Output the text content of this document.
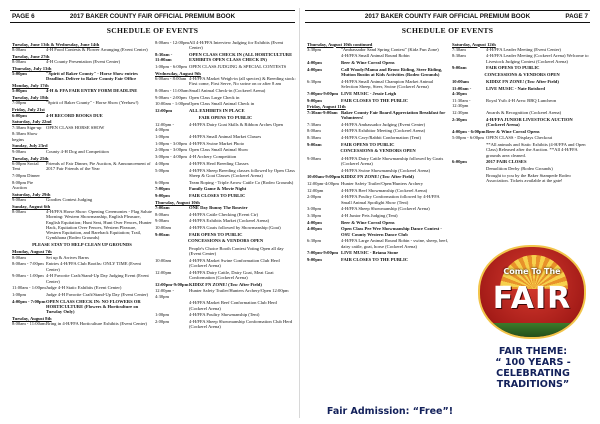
PAGE 6	2017 BAKER COUNTY FAIR OFFICIAL PREMIUM BOOK	2017 BAKER COUNTY FAIR OFFICIAL PREMIUM BOOK	PAGE 7
SCHEDULE OF EVENTS	SCHEDULE OF EVENTS
Tuesday, June 13th & Wednesday, June 14th
8:00am	4-H Food Contests & Flower Arranging (Event Center)
Tuesday, June 27th
8:00am	4-H County Presentation (Event Center)
Thursday, July 13th
5:00pm	"Spirit of Baker County" - Horse Show entries Deadline. Deliver to Baker County Fair Office
Monday, July 17th
5:00pm	4-H & FFA FAIR ENTRY FORM DEADLINE
Tuesday, July 18th
7:00pm	"Spirit of Baker County" - Horse Show (Yeehaw!)
Friday, July 21st
6:00pm	4-H RECORD BOOKS DUE
Saturday, July 22nd
7:30am Sign-up OPEN CLASS HORSE SHOW
8:30am Show begins
Sunday, July 23rd
9:00am	County 4-H Dog and Competition
Tuesday, July 25th
6:00pm Social Tent
Friends of Fair Dinner, Pie Auction, & Announcement of 2017 Fair Friends of the Year
7:00pm Dinner
8:00pm Pie Auction
Saturday, July 29th
9:00am	Goodies Contest Judging
Sunday, August 6th
8:00am	4-H/FFA Horse Show: Opening Ceremonies - Flag Salute Morning: Western Showmanship, English Pleasure, English Equitation; Hunt Seat, Hunt Over Fences, Hunter Hack, Equitation Over Fences, Western Pleasure, Western Equitation, and Bareback Equitation; Trail, Gymkhana (Rodeo Grounds)
PLEASE STAY TO HELP CLEAN UP GROUNDS
Monday, August 7th
8:00am	Set up & Arrives Barns
8:00am - 7:00pm Entries 4-H/FFA Club Booths: ONLY TIME (Event Center)
9:00am - 1:00pm 4-H Favorite Craft/Stand-Up Day Judging Event (Event Center)
11:00am - 1:00pm Judge 4-H Static Exhibits (Event Center)
1:00pm	Judge 4-H Favorite Craft/Stand-Up Day (Event Center)
4:00pm - 7:00pm OPEN CLASS CHECK IN: NO FLOWERS OR HORTICULTURE (Flowers & Horticulture on Tuesday Only)
Tuesday, August 8th
8:00am - 11:00am Bring in 4-H/FFA Horticulture Exhibits (Event Center)
8:00am - 12:00pm All 4-H/FFA Interview Judging for Exhibits (Event Center)
8:30am - 11:00am
OPEN CLASS CHECK IN (ALL HORTICULTURE EXHIBITS OPEN CLASS CHECK IN)
1:00pm - 6:00pm OPEN CLASS JUDGING & SPECIAL CONTESTS
Wednesday, August 9th
6:00am - 8:00am 4-H/FFA Market Weigh-in (all species) & Breeding stock: First come, First Serve, No swine on or after 8 am
8:00am - 11:00am Small Animal Check-in (Cockerel Arena)
9:00am - 2:00pm Open Class Large Check in
10:00am - 1:00pm Open Class Small Animal Check in
12:00pm	ALL EXHIBITS IN PLACE
FAIR OPENS TO PUBLIC
12:00pm - 4:00pm
4-H/FFA Dairy Goat Skills & Ribbon Arches Open
1:00pm	4-H/FFA Small Animal Market Classes
1:00pm - 3:00pm 4-H/FFA Swine Market Photo
2:00pm - 3:00pm Open Class Small Animal Show
3:00pm - 4:00pm 4-H Archery Competition
4:00pm	4-H/FFA Herd Breeding Classes
5:00pm	4-H/FFA Sheep Breeding classes followed by Open Class Sheep & Goat Classes (Cockerel Arena)
6:00pm	Team Roping - Triple Arrow Cattle Co (Rodeo Grounds)
7:00pm	Family Game & Movie Night
9:00pm	FAIR CLOSES TO PUBLIC
Thursday, August 10th
7:00am	ONE Day Bunny The Bouvier
8:00am	4-H/FFA Cattle Checking (Event Ctr)
9:00am	4-H/FFA Exhibits Market (Cockerel Arena)
10:00am	4-H/FFA Goats followed by Showmanship (Goat)
9:00am	FAIR OPENS TO PUBLIC
CONCESSIONS & VENDORS OPEN
People's Choice Booth Contest Voting Open all day (Event Center)
10:00am	4-H/FFA Market Swine Conformation Club Herd (Cockerel Arena)
12:00pm	4-H/FFA Dairy Cattle, Dairy Goat, Meat Goat Conformation (Cockerel Arena)
12:00pm-9:00pm KIDDZ FN ZONE! (Tow After Field)
12:00pm - 4:30pm
Hunter Safety Trailer/Hunters Archery/Open 12:00pm
4-H/FFA Market Beef Conformation Club Herd (Cockerel Arena)
1:00pm	4-H/FFA Poultry Showmanship (Tent)
2:00pm	4-H/FFA Sheep Showmanship Conformation Club Herd (Cockerel Arena)
Thursday, August 10th continued
3:30pm	"Ambassador Sand Spring Contest" (Kidz Fun Zone)
4-H/FFA Small Animal Round Robin
4:00pm	Beer & Wine Corral Opens
4:00pm	Call Woody/Mama and Bronc Riding, Steer Riding, Mutton Bustin at Kids Activities (Rodeo Grounds)
6:30pm	4-H/FFA Small Animal Champion Market Animal Selection Sheep, Steer, Swine (Cockerel Arena)
7:00pm-9:00pm LIVE MUSIC - Jessie Leigh
9:00pm	FAIR CLOSES TO THE PUBLIC
Friday, August 11th
7:30am-9:00am Baker County Fair Board Appreciation Breakfast for Volunteers!
7:30am	4-H/FFA Ambassador Judging (Event Center)
8:00am	4-H/FFA Exhibitor Meeting (Cockerel Arena)
8:30am	4-H/FFA Cavy/Rabbit Conformation (Tent)
9:00am	FAIR OPENS TO PUBLIC
CONCESSIONS & VENDORS OPEN
9:00am	4-H/FFA Dairy Cattle Showmanship followed by Goats (Cockerel Arena)
4-H/FFA Swine Showmanship (Cockerel Arena)
10:00am-9:00pm KIDDZ FN ZONE! (Tow After Field)
12:00pm-4:00pm Hunter Safety Trailer/Open/Hunters Archery
12:00pm	4-H/FFA Beef Showmanship (Cockerel Arena)
2:00pm	4-H/FFA Poultry Conformation followed by 4-H/FFA Small Animal Spotlight Show (Tent)
3:00pm	4-H/FFA Sheep Showmanship (Cockerel Arena)
3:30pm	4-H Junior Pets Judging (Tent)
4:00pm	Beer & Wine Corral Opens
4:00pm	Open Class Pee Wee Showmanship Dance Contest - OSU County Western Dance Club
6:30pm	4-H/FFA Large Animal Round Robin - swine, sheep, beef, dairy cattle, goat, horse (Cockerel Arena)
7:00pm-9:00pm LIVE MUSIC - Briana Stone
9:00pm	FAIR CLOSES TO THE PUBLIC
Saturday, August 12th
7:30am	4-H/FFA Leader Meeting (Event Center)
8:30am	4-H/FFA Leader Meeting (Cockerel Arena) Welcome to Livestock Judging Contest (Cockerel Arena)
9:00am	FAIR OPENS TO PUBLIC
CONCESSIONS & VENDORS OPEN
10:00am	KIDDZ FN ZONE! (Tow After Field)
11:00am - 4:30pm
LIVE MUSIC - Nate Botsford
11:30am - 12:30pm
Royal Ysib 4-H Area: BBQ Luncheon
12:30pm	Awards & Recognition (Cockerel Arena)
2:30pm	4-H/FFA JUNIOR LIVESTOCK AUCTION (Cockerel Arena)
4:00pm - 6:00pm Beer & Wine Corral Opens
5:00pm - 6:00pm OPEN CLASS - Displays Checkout
**All animals and Static Exhibits (4-H/FFA and Open Class) Released after the Auction. **All 4-H/FFA grounds area cleaned.
6:00pm	2017 FAIR CLOSES
Demolition Derby (Rodeo Grounds)
Brought to you by the Baker Stampede Rodeo Association. Tickets available at the gate!
Come To The
FAIR
FAIR THEME:
“ 100 YEARS -
CELEBRATING
TRADITIONS”
Fair Admission: “Free”!
